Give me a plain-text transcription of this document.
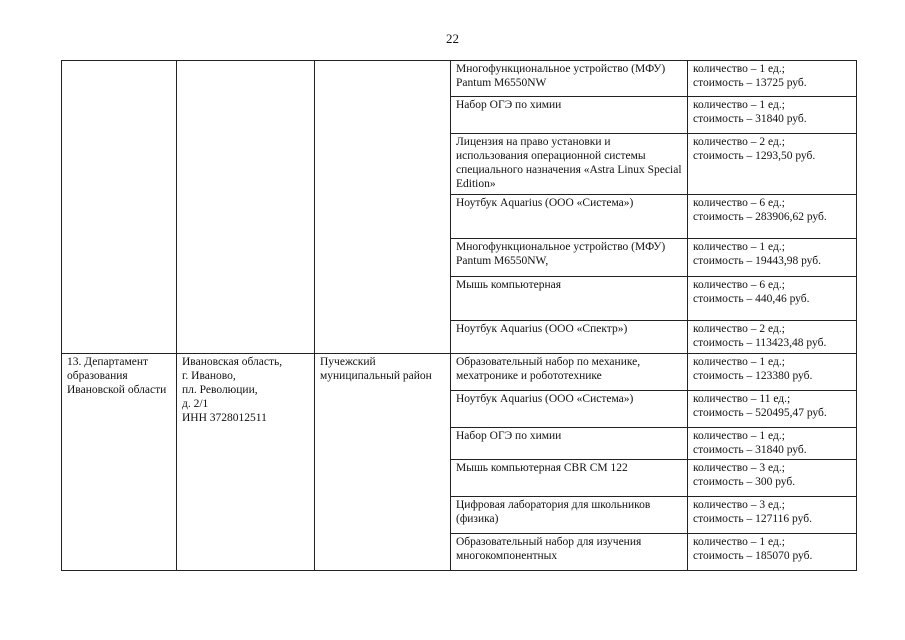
22
			Многофункциональное устройство (МФУ) Pantum M6550NW	количество – 1 ед.;
стоимость – 13725 руб.
			Набор ОГЭ по химии	количество – 1 ед.;
стоимость – 31840 руб.
			Лицензия на право установки и использования операционной системы специального назначения «Astra Linux Special Edition»	количество – 2 ед.;
стоимость – 1293,50 руб.
			Ноутбук Aquarius (ООО «Система»)	количество – 6 ед.;
стоимость – 283906,62 руб.
			Многофункциональное устройство (МФУ) Pantum M6550NW,	количество – 1 ед.;
стоимость – 19443,98 руб.
			Мышь компьютерная	количество – 6 ед.;
стоимость – 440,46 руб.
			Ноутбук Aquarius (ООО «Спектр»)	количество – 2 ед.;
стоимость – 113423,48 руб.
13. Департамент образования Ивановской области	Ивановская область,
г. Иваново,
пл. Революции,
д. 2/1
ИНН 3728012511	Пучежский муниципальный район	Образовательный набор по механике, мехатронике и робототехнике	количество – 1 ед.;
стоимость – 123380 руб.
			Ноутбук Aquarius (ООО «Система»)	количество – 11 ед.;
стоимость – 520495,47 руб.
			Набор ОГЭ по химии	количество – 1 ед.;
стоимость – 31840 руб.
			Мышь компьютерная CBR CM 122	количество – 3 ед.;
стоимость – 300 руб.
			Цифровая лаборатория для школьников (физика)	количество – 3 ед.;
стоимость – 127116 руб.
			Образовательный набор для изучения многокомпонентных	количество – 1 ед.;
стоимость – 185070 руб.
